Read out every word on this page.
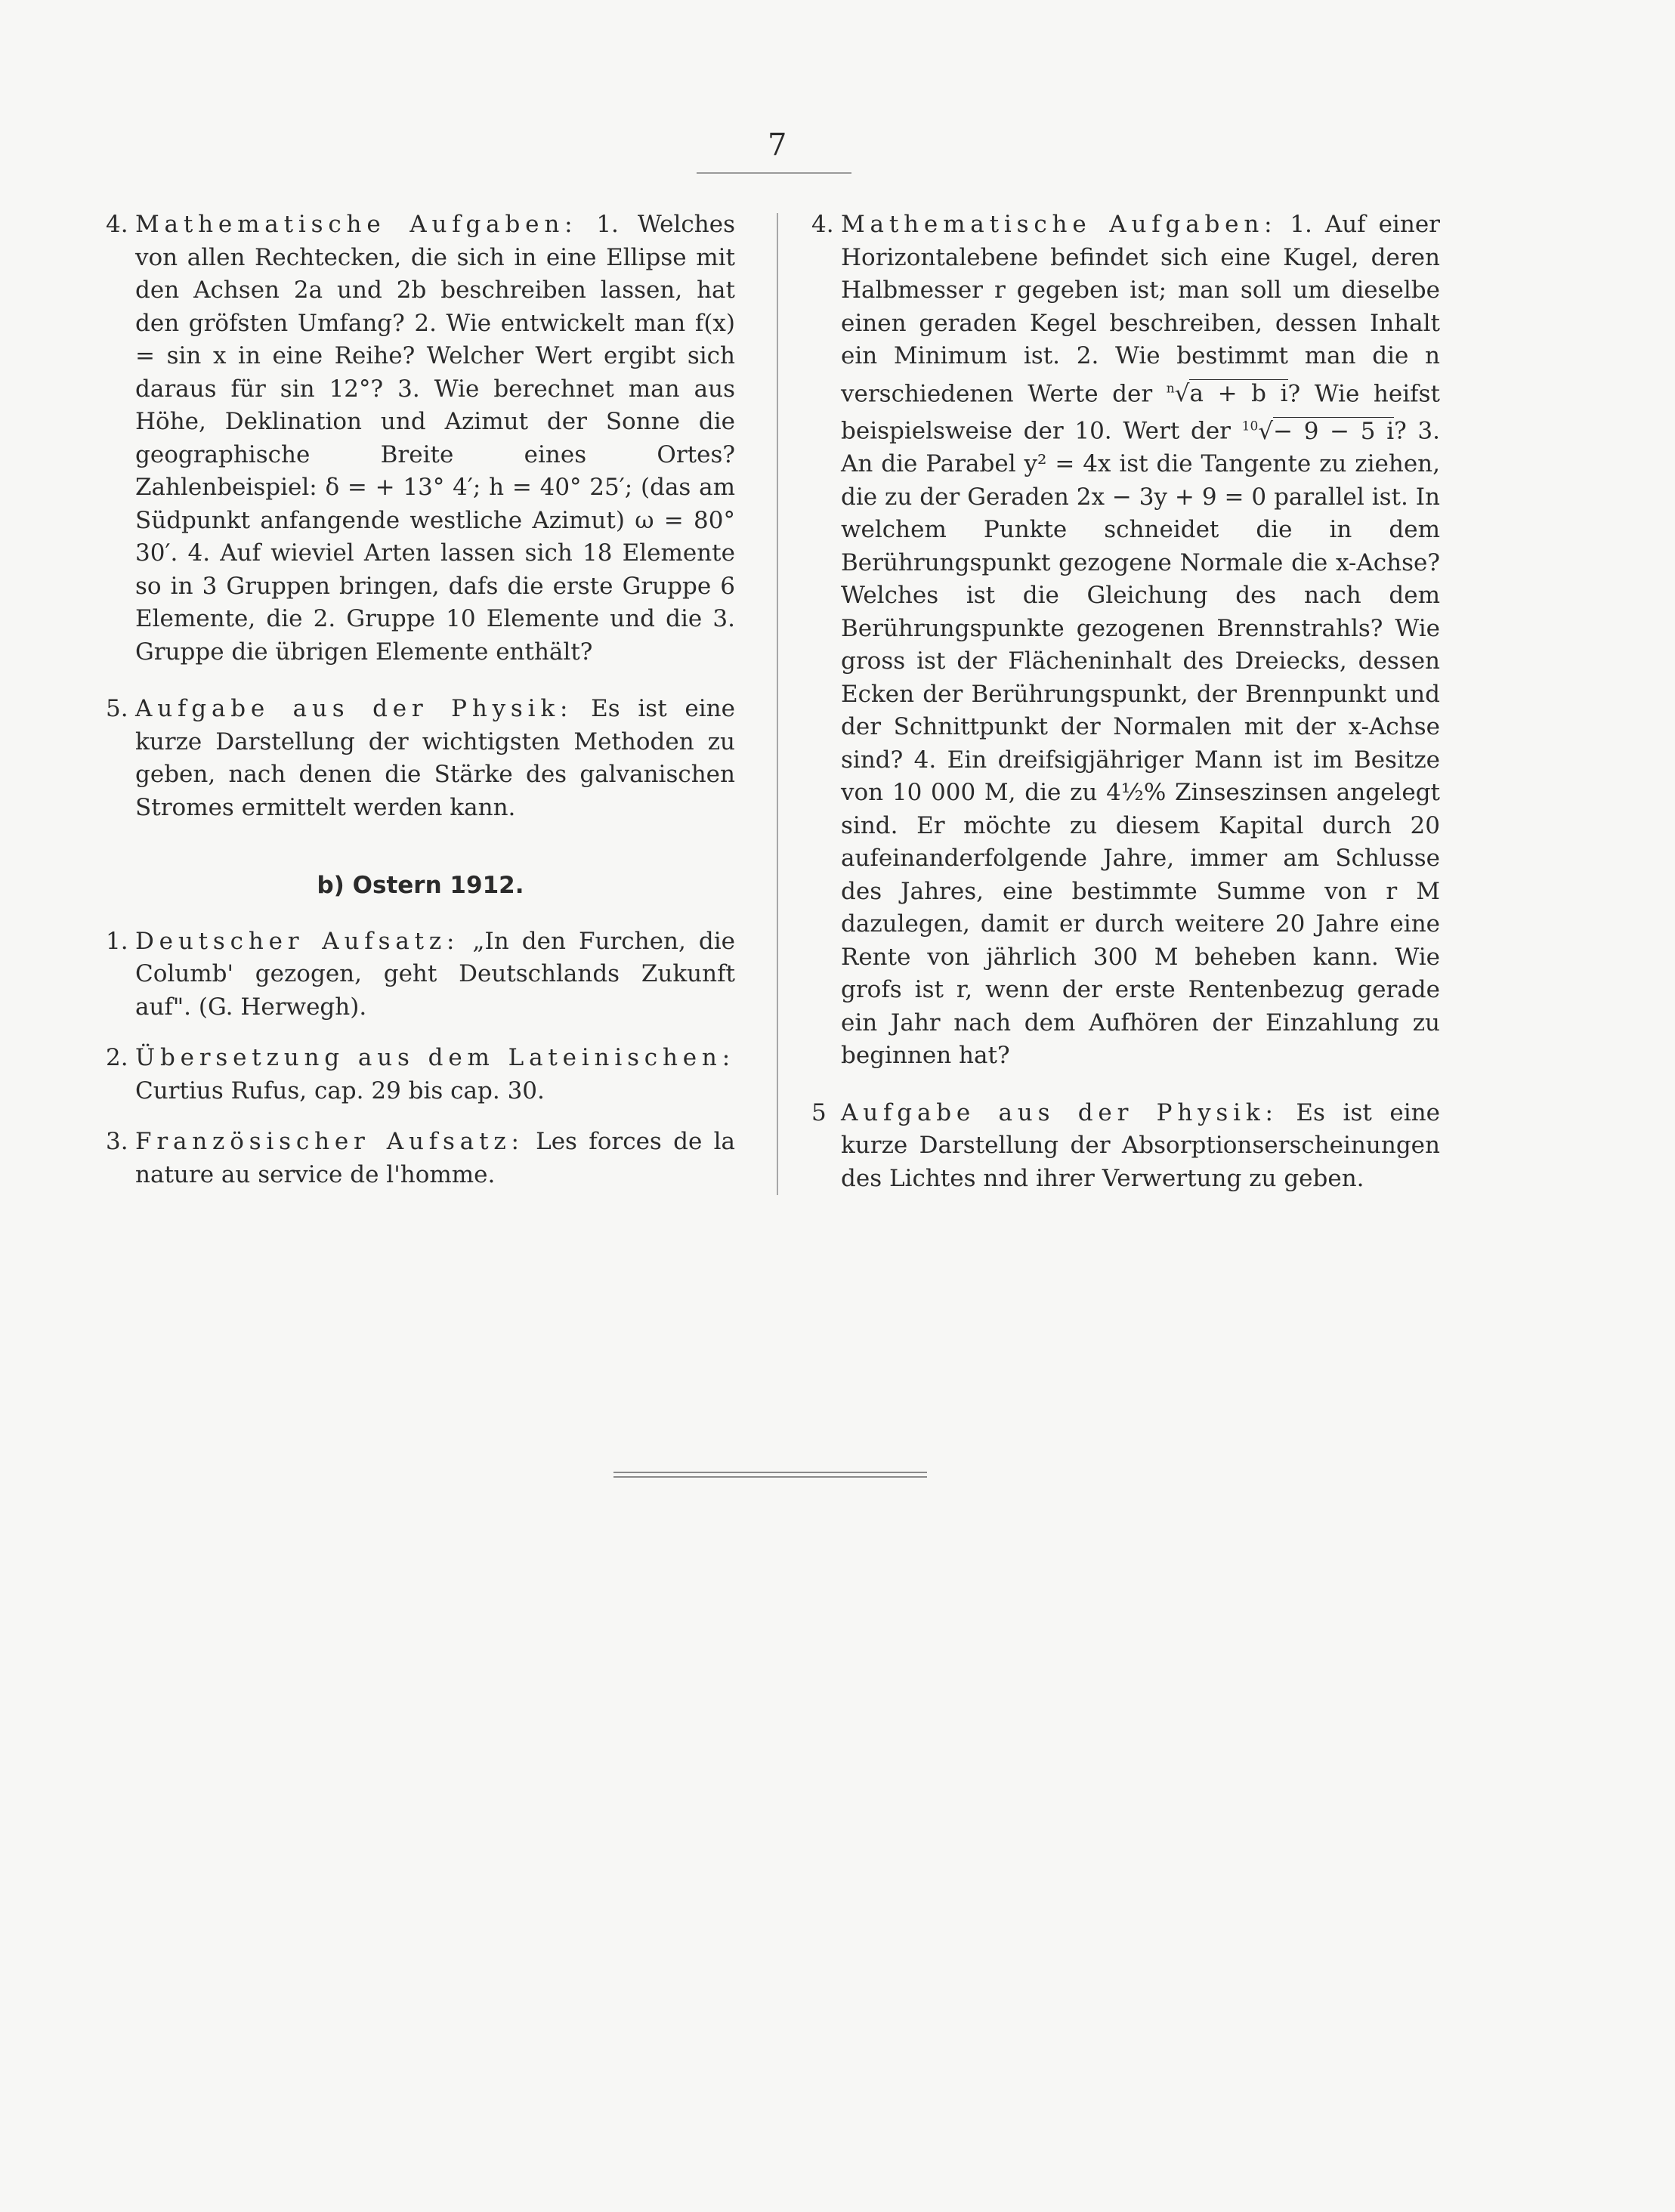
7

4. Mathematische Aufgaben: 1. Welches von allen Rechtecken, die sich in eine Ellipse mit den Achsen 2a und 2b beschreiben lassen, hat den gröfsten Umfang? 2. Wie entwickelt man f(x) = sin x in eine Reihe? Welcher Wert ergibt sich daraus für sin 12°? 3. Wie berechnet man aus Höhe, Deklination und Azimut der Sonne die geographische Breite eines Ortes? Zahlenbeispiel: δ = + 13° 4′; h = 40° 25′; (das am Südpunkt anfangende westliche Azimut) ω = 80° 30′. 4. Auf wieviel Arten lassen sich 18 Elemente so in 3 Gruppen bringen, dafs die erste Gruppe 6 Elemente, die 2. Gruppe 10 Elemente und die 3. Gruppe die übrigen Elemente enthält?

5. Aufgabe aus der Physik: Es ist eine kurze Darstellung der wichtigsten Methoden zu geben, nach denen die Stärke des galvanischen Stromes ermittelt werden kann.

b) Ostern 1912.

1. Deutscher Aufsatz: „In den Furchen, die Columb' gezogen, geht Deutschlands Zukunft auf". (G. Herwegh).

2. Übersetzung aus dem Lateinischen: Curtius Rufus, cap. 29 bis cap. 30.

3. Französischer Aufsatz: Les forces de la nature au service de l'homme.

4. Mathematische Aufgaben: 1. Auf einer Horizontalebene befindet sich eine Kugel, deren Halbmesser r gegeben ist; man soll um dieselbe einen geraden Kegel beschreiben, dessen Inhalt ein Minimum ist. 2. Wie bestimmt man die n verschiedenen Werte der $^n$√a + b i? Wie heifst beispielsweise der 10. Wert der $^{10}$√− 9 − 5 i? 3. An die Parabel y² = 4x ist die Tangente zu ziehen, die zu der Geraden 2x − 3y + 9 = 0 parallel ist. In welchem Punkte schneidet die in dem Berührungspunkt gezogene Normale die x-Achse? Welches ist die Gleichung des nach dem Berührungspunkte gezogenen Brennstrahls? Wie gross ist der Flächeninhalt des Dreiecks, dessen Ecken der Berührungspunkt, der Brennpunkt und der Schnittpunkt der Normalen mit der x-Achse sind? 4. Ein dreifsigjähriger Mann ist im Besitze von 10 000 M, die zu 4½% Zinseszinsen angelegt sind. Er möchte zu diesem Kapital durch 20 aufeinanderfolgende Jahre, immer am Schlusse des Jahres, eine bestimmte Summe von r M dazulegen, damit er durch weitere 20 Jahre eine Rente von jährlich 300 M beheben kann. Wie grofs ist r, wenn der erste Rentenbezug gerade ein Jahr nach dem Aufhören der Einzahlung zu beginnen hat?

5 Aufgabe aus der Physik: Es ist eine kurze Darstellung der Absorptionserscheinungen des Lichtes nnd ihrer Verwertung zu geben.
